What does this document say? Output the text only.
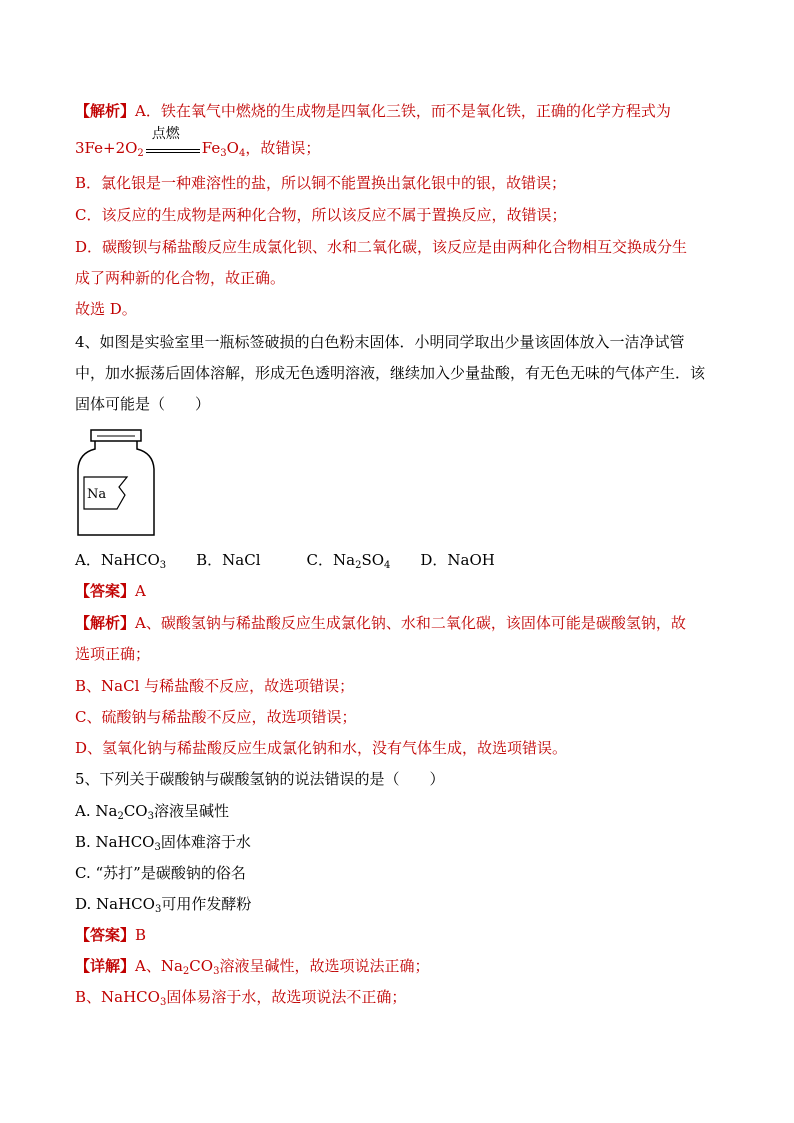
【解析】A．铁在氧气中燃烧的生成物是四氧化三铁，而不是氧化铁，正确的化学方程式为
$3Fe+2O_2$
点燃
$Fe_3O_4$，故错误；
B．氯化银是一种难溶性的盐，所以铜不能置换出氯化银中的银，故错误；
C．该反应的生成物是两种化合物，所以该反应不属于置换反应，故错误；
D．碳酸钡与稀盐酸反应生成氯化钡、水和二氧化碳，该反应是由两种化合物相互交换成分生
成了两种新的化合物，故正确。
故选 D。
4、如图是实验室里一瓶标签破损的白色粉末固体．小明同学取出少量该固体放入一洁净试管
中，加水振荡后固体溶解，形成无色透明溶液，继续加入少量盐酸，有无色无味的气体产生．该
固体可能是（　　）
Na
A．NaHCO3 B．NaCl	C．Na2SO4 D．NaOH
【答案】A
【解析】A、碳酸氢钠与稀盐酸反应生成氯化钠、水和二氧化碳，该固体可能是碳酸氢钠，故
选项正确；
B、NaCl 与稀盐酸不反应，故选项错误；
C、硫酸钠与稀盐酸不反应，故选项错误；
D、氢氧化钠与稀盐酸反应生成氯化钠和水，没有气体生成，故选项错误。
5、下列关于碳酸钠与碳酸氢钠的说法错误的是（　　）
A. $Na_2CO_3$溶液呈碱性
B. NaHCO$_3$固体难溶于水
C. “苏打”是碳酸钠的俗名
D. NaHCO$_3$可用作发酵粉
【答案】B
【详解】A、$Na_2CO_3$溶液呈碱性，故选项说法正确；
B、NaHCO$_3$固体易溶于水，故选项说法不正确；
